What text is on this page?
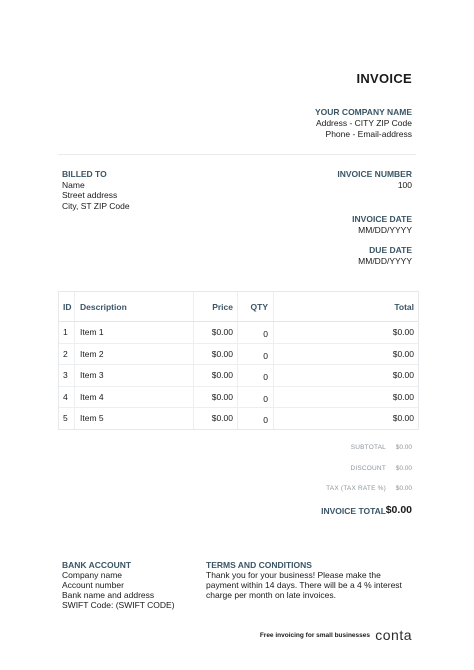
INVOICE
YOUR COMPANY NAME
Address - CITY ZIP Code
Phone - Email-address
BILLED TO
Name
Street address
City, ST ZIP Code
INVOICE NUMBER
100
INVOICE DATE
MM/DD/YYYY
DUE DATE
MM/DD/YYYY
ID	Description	Price	QTY	Total
1	Item 1	$0.00	0	$0.00
2	Item 2	$0.00	0	$0.00
3	Item 3	$0.00	0	$0.00
4	Item 4	$0.00	0	$0.00
5	Item 5	$0.00	0	$0.00
SUBTOTAL $0.00
DISCOUNT $0.00
TAX (TAX RATE %) $0.00
INVOICE TOTAL $0.00
BANK ACCOUNT
Company name
Account number
Bank name and address
SWIFT Code: (SWIFT CODE)
TERMS AND CONDITIONS
Thank you for your business! Please make the payment within 14 days. There will be a 4 % interest charge per month on late invoices.
Free invoicing for small businesses conta
